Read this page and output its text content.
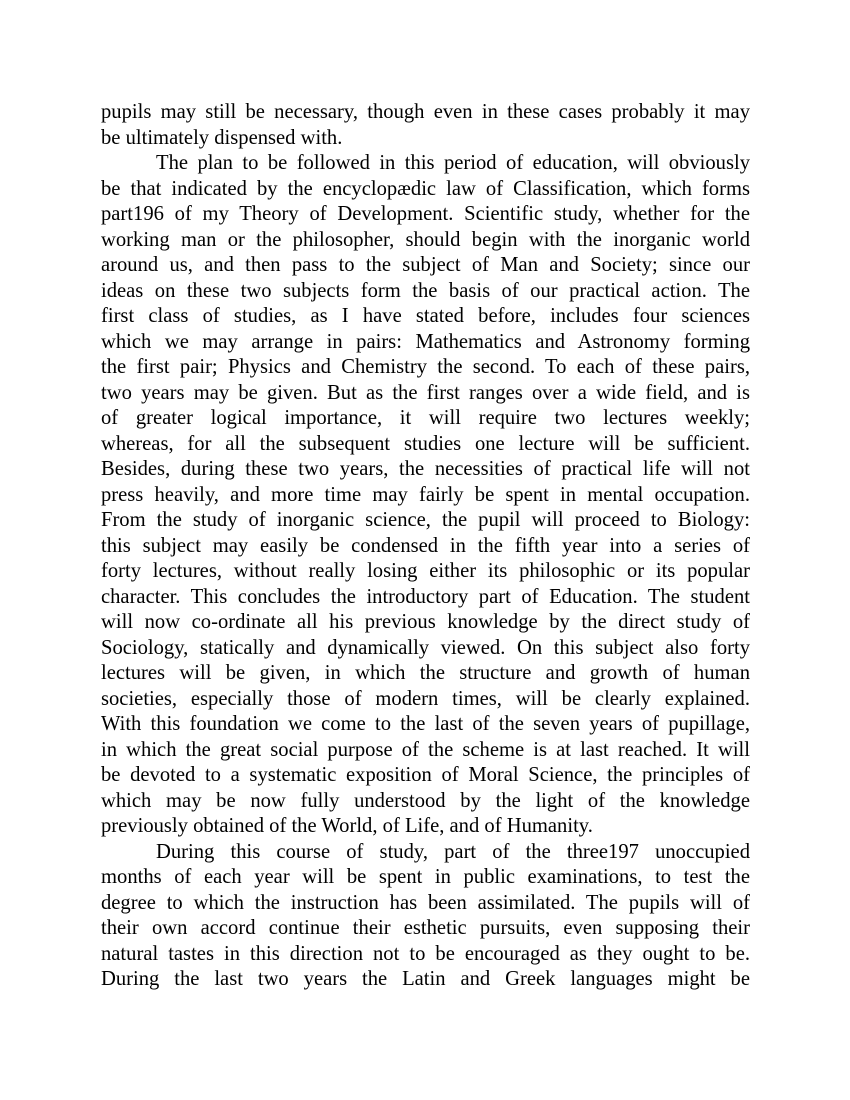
pupils may still be necessary, though even in these cases probably it may
be ultimately dispensed with.
The plan to be followed in this period of education, will obviously
be that indicated by the encyclopædic law of Classification, which forms
part196 of my Theory of Development. Scientific study, whether for the
working man or the philosopher, should begin with the inorganic world
around us, and then pass to the subject of Man and Society; since our
ideas on these two subjects form the basis of our practical action. The
first class of studies, as I have stated before, includes four sciences
which we may arrange in pairs: Mathematics and Astronomy forming
the first pair; Physics and Chemistry the second. To each of these pairs,
two years may be given. But as the first ranges over a wide field, and is
of greater logical importance, it will require two lectures weekly;
whereas, for all the subsequent studies one lecture will be sufficient.
Besides, during these two years, the necessities of practical life will not
press heavily, and more time may fairly be spent in mental occupation.
From the study of inorganic science, the pupil will proceed to Biology:
this subject may easily be condensed in the fifth year into a series of
forty lectures, without really losing either its philosophic or its popular
character. This concludes the introductory part of Education. The student
will now co-ordinate all his previous knowledge by the direct study of
Sociology, statically and dynamically viewed. On this subject also forty
lectures will be given, in which the structure and growth of human
societies, especially those of modern times, will be clearly explained.
With this foundation we come to the last of the seven years of pupillage,
in which the great social purpose of the scheme is at last reached. It will
be devoted to a systematic exposition of Moral Science, the principles of
which may be now fully understood by the light of the knowledge
previously obtained of the World, of Life, and of Humanity.
During this course of study, part of the three197 unoccupied
months of each year will be spent in public examinations, to test the
degree to which the instruction has been assimilated. The pupils will of
their own accord continue their esthetic pursuits, even supposing their
natural tastes in this direction not to be encouraged as they ought to be.
During the last two years the Latin and Greek languages might be
